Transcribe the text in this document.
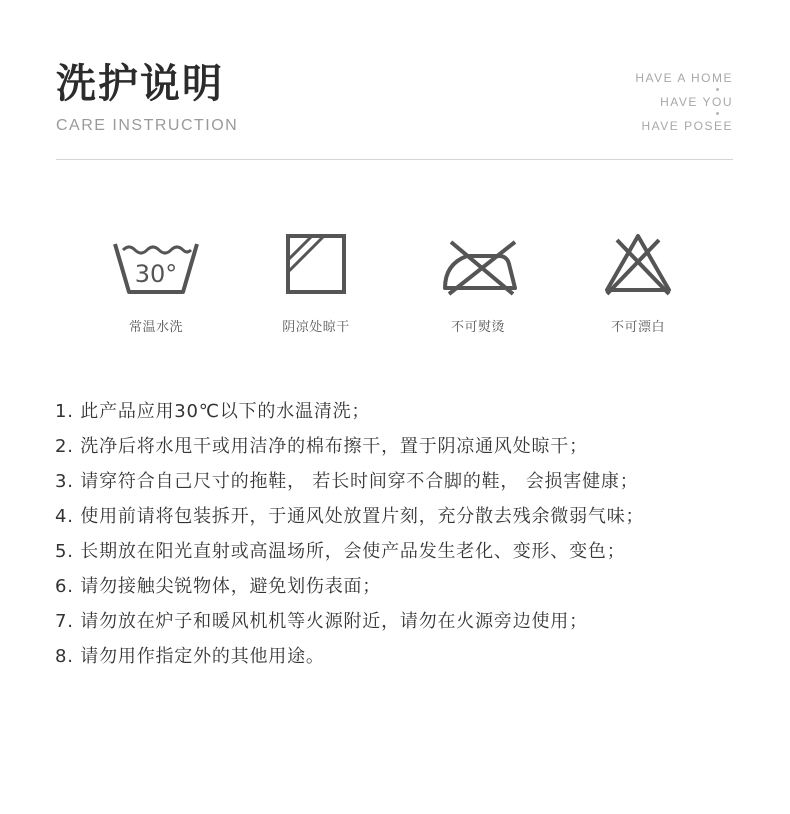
洗护说明
CARE INSTRUCTION
HAVE A HOME
HAVE YOU
HAVE POSEE
30°
常温水洗	阴凉处晾干	不可熨烫	不可漂白
1. 此产品应用30℃以下的水温清洗；
2. 洗净后将水甩干或用洁净的棉布擦干，置于阴凉通风处晾干；
3. 请穿符合自己尺寸的拖鞋， 若长时间穿不合脚的鞋， 会损害健康；
4. 使用前请将包装拆开，于通风处放置片刻，充分散去残余微弱气味；
5. 长期放在阳光直射或高温场所，会使产品发生老化、变形、变色；
6. 请勿接触尖锐物体，避免划伤表面；
7. 请勿放在炉子和暖风机机等火源附近，请勿在火源旁边使用；
8. 请勿用作指定外的其他用途。
